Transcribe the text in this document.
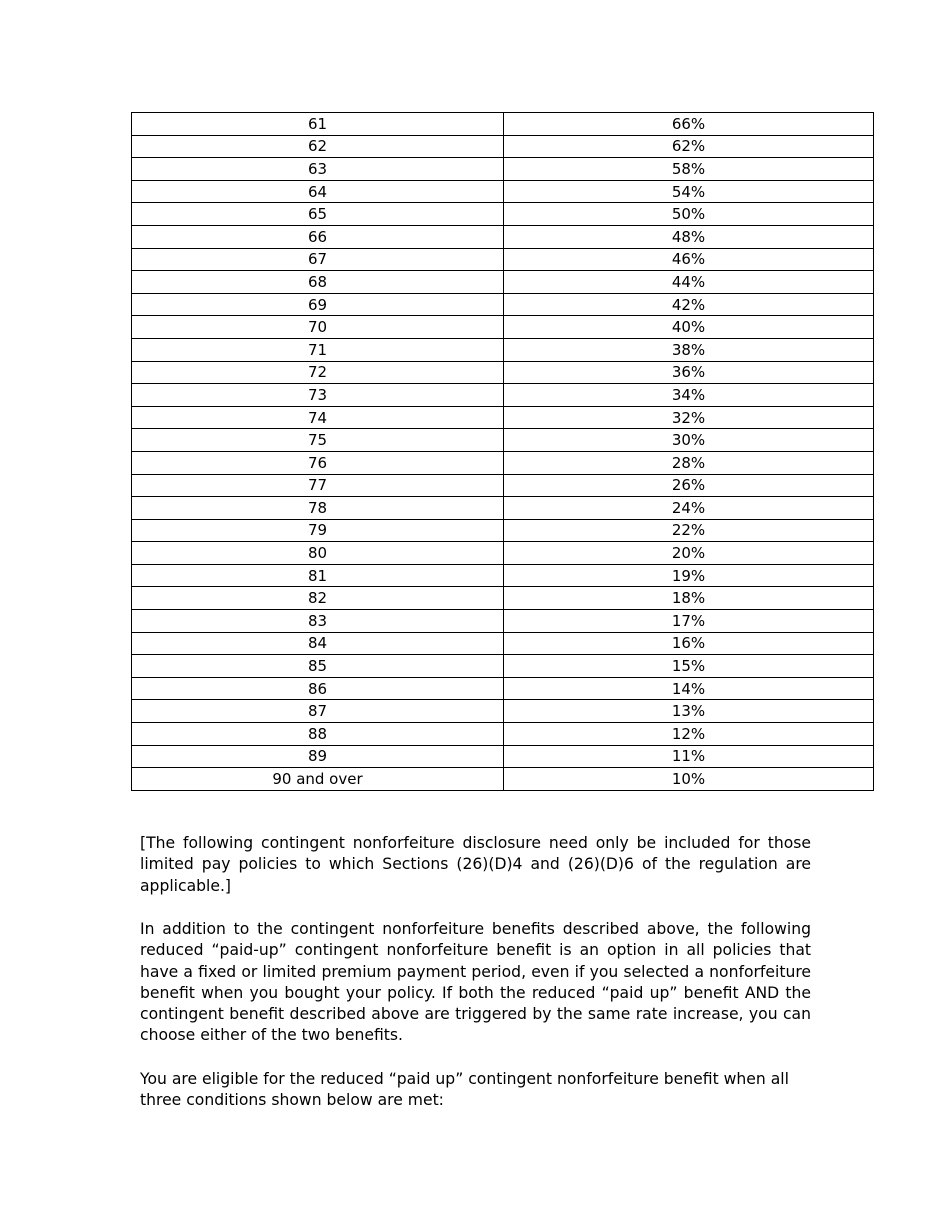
61	66%
62	62%
63	58%
64	54%
65	50%
66	48%
67	46%
68	44%
69	42%
70	40%
71	38%
72	36%
73	34%
74	32%
75	30%
76	28%
77	26%
78	24%
79	22%
80	20%
81	19%
82	18%
83	17%
84	16%
85	15%
86	14%
87	13%
88	12%
89	11%
90 and over	10%

[The following contingent nonforfeiture disclosure need only be included for those limited pay policies to which Sections (26)(D)4 and (26)(D)6 of the regulation are applicable.]

In addition to the contingent nonforfeiture benefits described above, the following reduced “paid-up” contingent nonforfeiture benefit is an option in all policies that have a fixed or limited premium payment period, even if you selected a nonforfeiture benefit when you bought your policy. If both the reduced “paid up” benefit AND the contingent benefit described above are triggered by the same rate increase, you can choose either of the two benefits.

You are eligible for the reduced “paid up” contingent nonforfeiture benefit when all three conditions shown below are met:
